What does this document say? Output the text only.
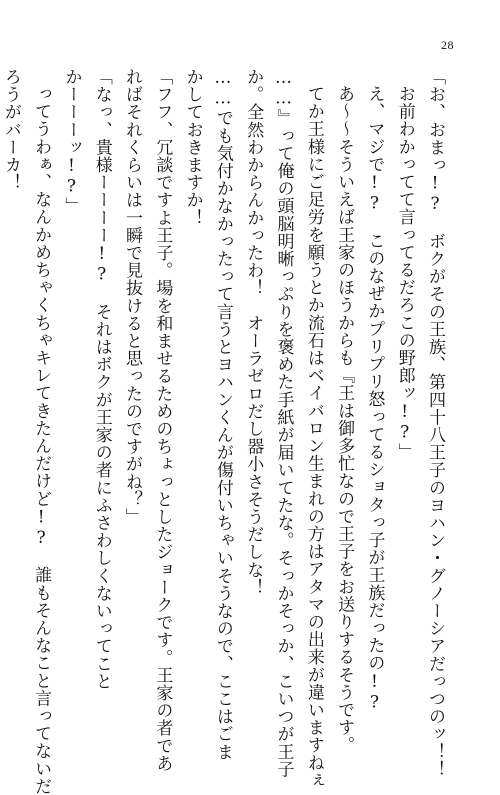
28
「お、おまっ!?　ボクがその王族、第四十八王子のヨハン・グノーシアだっつのッ！！
お前わかってて言ってるだろこの野郎ッ!?」
え、マジで!?　このなぜかプリプリ怒ってるショタっ子が王族だったの!?
あ〜〜そういえば王家のほうからも『王は御多忙なので王子をお送りするそうです。
てか王様にご足労を願うとか流石はベイバロン生まれの方はアタマの出来が違いますねぇ
……』って俺の頭脳明晰っぷりを褒めた手紙が届いてたな。そっかそっか、こいつが王子
か。全然わからんかったわ！　オーラゼロだし器小さそうだしな！
……でも気付かなかったって言うとヨハンくんが傷付いちゃいそうなので、ここはごま
かしておきますか！
「フフ、冗談ですよ王子。場を和ませるためのちょっとしたジョークです。王家の者であ
ればそれくらいは一瞬で見抜けると思ったのですがね？」
「なっ、貴様ーーーー!?　それはボクが王家の者にふさわしくないってこと
かーーーッ!?」
ってうわぁ、なんかめちゃくちゃキレてきたんだけど!?　誰もそんなこと言ってないだ
ろうがバーカ！
